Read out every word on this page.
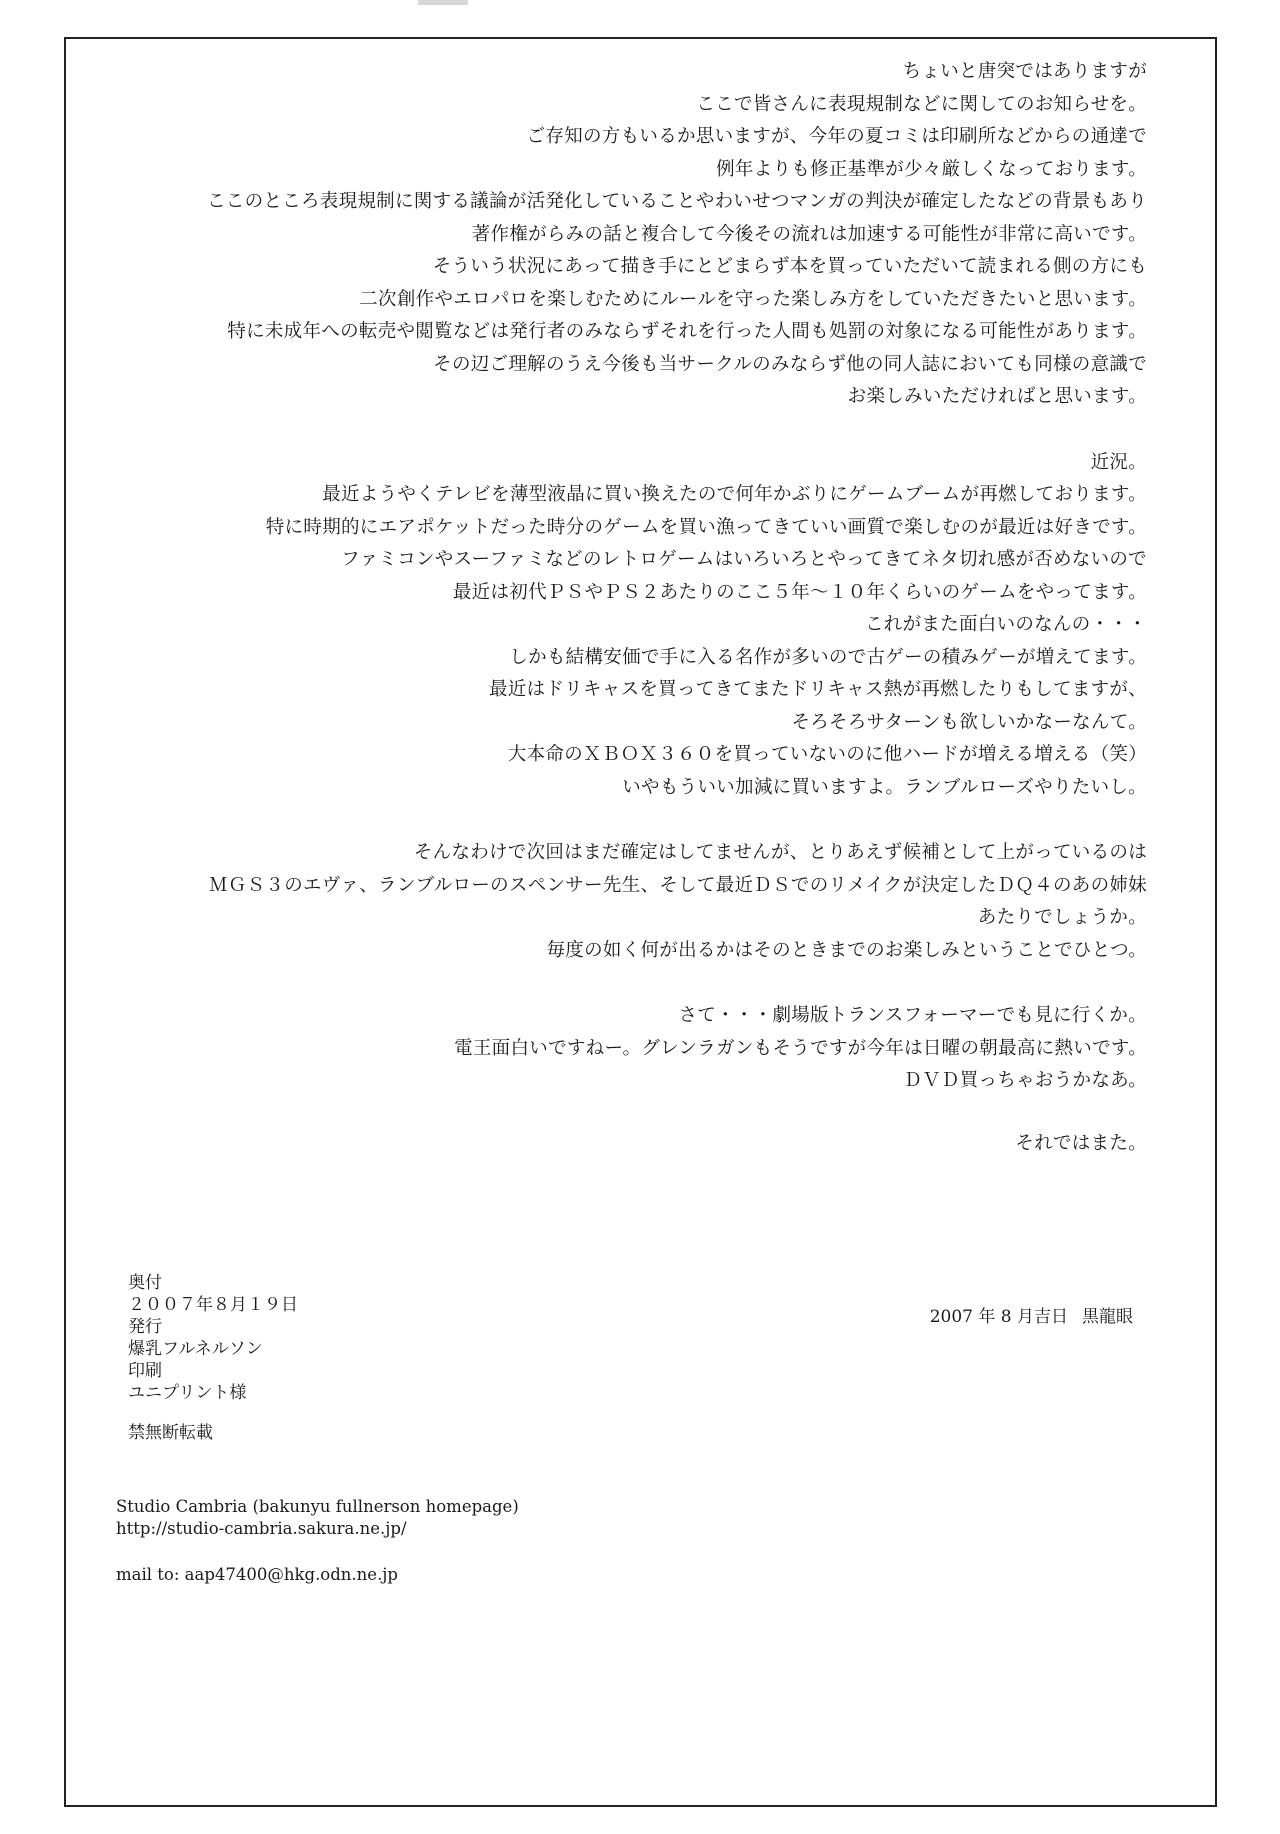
ちょいと唐突ではありますが

ここで皆さんに表現規制などに関してのお知らせを。

ご存知の方もいるか思いますが、今年の夏コミは印刷所などからの通達で

例年よりも修正基準が少々厳しくなっております。

ここのところ表現規制に関する議論が活発化していることやわいせつマンガの判決が確定したなどの背景もあり

著作権がらみの話と複合して今後その流れは加速する可能性が非常に高いです。

そういう状況にあって描き手にとどまらず本を買っていただいて読まれる側の方にも

二次創作やエロパロを楽しむためにルールを守った楽しみ方をしていただきたいと思います。

特に未成年への転売や閲覧などは発行者のみならずそれを行った人間も処罰の対象になる可能性があります。

その辺ご理解のうえ今後も当サークルのみならず他の同人誌においても同様の意識で

お楽しみいただければと思います。

近況。

最近ようやくテレビを薄型液晶に買い換えたので何年かぶりにゲームブームが再燃しております。

特に時期的にエアポケットだった時分のゲームを買い漁ってきていい画質で楽しむのが最近は好きです。

ファミコンやスーファミなどのレトロゲームはいろいろとやってきてネタ切れ感が否めないので

最近は初代ＰＳやＰＳ２あたりのここ５年〜１０年くらいのゲームをやってます。

これがまた面白いのなんの・・・

しかも結構安価で手に入る名作が多いので古ゲーの積みゲーが増えてます。

最近はドリキャスを買ってきてまたドリキャス熱が再燃したりもしてますが、

そろそろサターンも欲しいかなーなんて。

大本命のＸＢＯＸ３６０を買っていないのに他ハードが増える増える（笑）

いやもういい加減に買いますよ。ランブルローズやりたいし。

そんなわけで次回はまだ確定はしてませんが、とりあえず候補として上がっているのは

ＭＧＳ３のエヴァ、ランブルローのスペンサー先生、そして最近ＤＳでのリメイクが決定したＤＱ４のあの姉妹

あたりでしょうか。

毎度の如く何が出るかはそのときまでのお楽しみということでひとつ。

さて・・・劇場版トランスフォーマーでも見に行くか。

電王面白いですねー。グレンラガンもそうですが今年は日曜の朝最高に熱いです。

ＤＶＤ買っちゃおうかなあ。

それではまた。

2007 年 8 月吉日 黒龍眼

奥付

２００７年８月１９日

発行

爆乳フルネルソン

印刷

ユニプリント様

禁無断転載

Studio Cambria (bakunyu fullnerson homepage)

http://studio-cambria.sakura.ne.jp/

mail to: aap47400@hkg.odn.ne.jp
